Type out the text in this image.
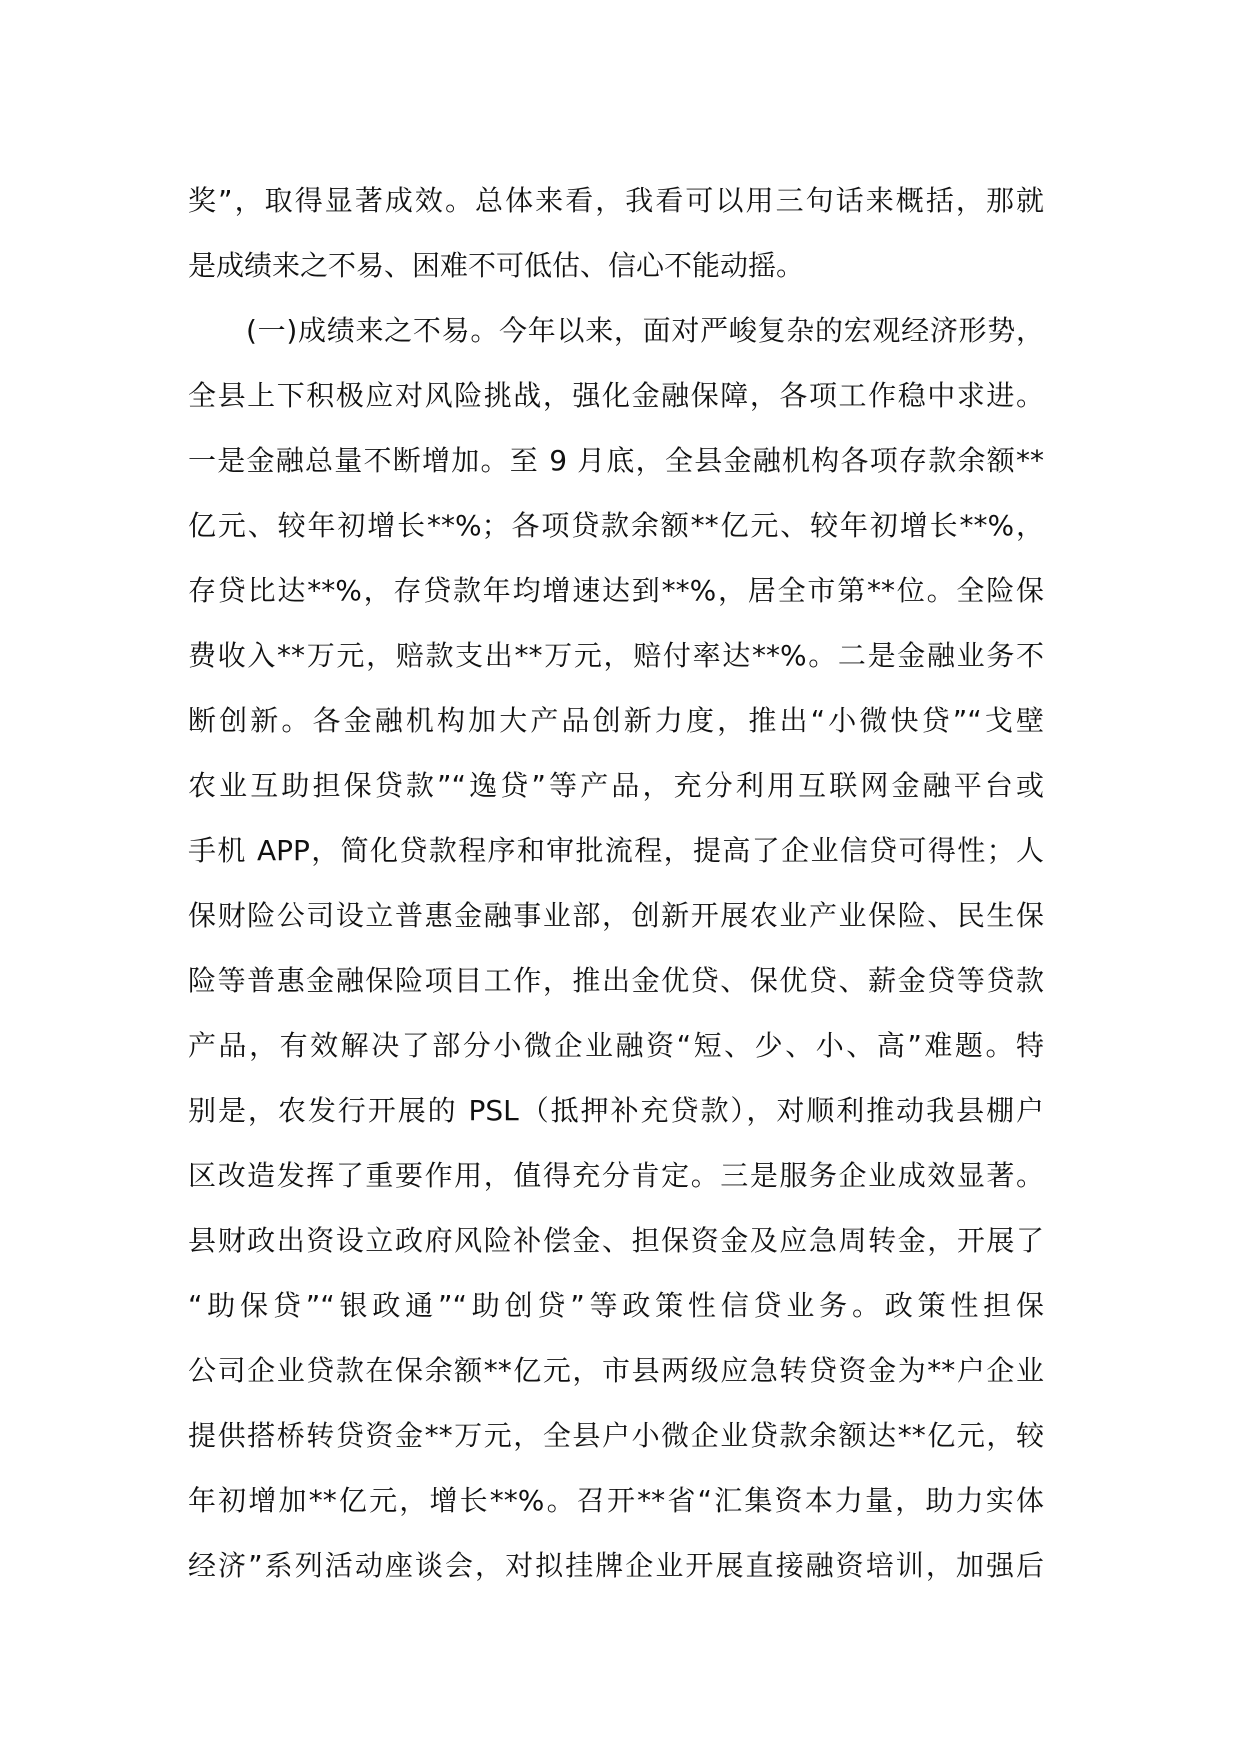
奖”，取得显著成效。总体来看，我看可以用三句话来概括，那就
是成绩来之不易、困难不可低估、信心不能动摇。
(一)成绩来之不易。今年以来，面对严峻复杂的宏观经济形势，
全县上下积极应对风险挑战，强化金融保障，各项工作稳中求进。
一是金融总量不断增加。至 9 月底，全县金融机构各项存款余额**
亿元、较年初增长**%；各项贷款余额**亿元、较年初增长**%，
存贷比达**%，存贷款年均增速达到**%，居全市第**位。全险保
费收入**万元，赔款支出**万元，赔付率达**%。二是金融业务不
断创新。各金融机构加大产品创新力度，推出“小微快贷”“戈壁
农业互助担保贷款”“逸贷”等产品，充分利用互联网金融平台或
手机 APP，简化贷款程序和审批流程，提高了企业信贷可得性；人
保财险公司设立普惠金融事业部，创新开展农业产业保险、民生保
险等普惠金融保险项目工作，推出金优贷、保优贷、薪金贷等贷款
产品，有效解决了部分小微企业融资“短、少、小、高”难题。特
别是，农发行开展的 PSL（抵押补充贷款），对顺利推动我县棚户
区改造发挥了重要作用，值得充分肯定。三是服务企业成效显著。
县财政出资设立政府风险补偿金、担保资金及应急周转金，开展了
“助保贷”“银政通”“助创贷”等政策性信贷业务。政策性担保
公司企业贷款在保余额**亿元，市县两级应急转贷资金为**户企业
提供搭桥转贷资金**万元，全县户小微企业贷款余额达**亿元，较
年初增加**亿元，增长**%。召开**省“汇集资本力量，助力实体
经济”系列活动座谈会，对拟挂牌企业开展直接融资培训，加强后
